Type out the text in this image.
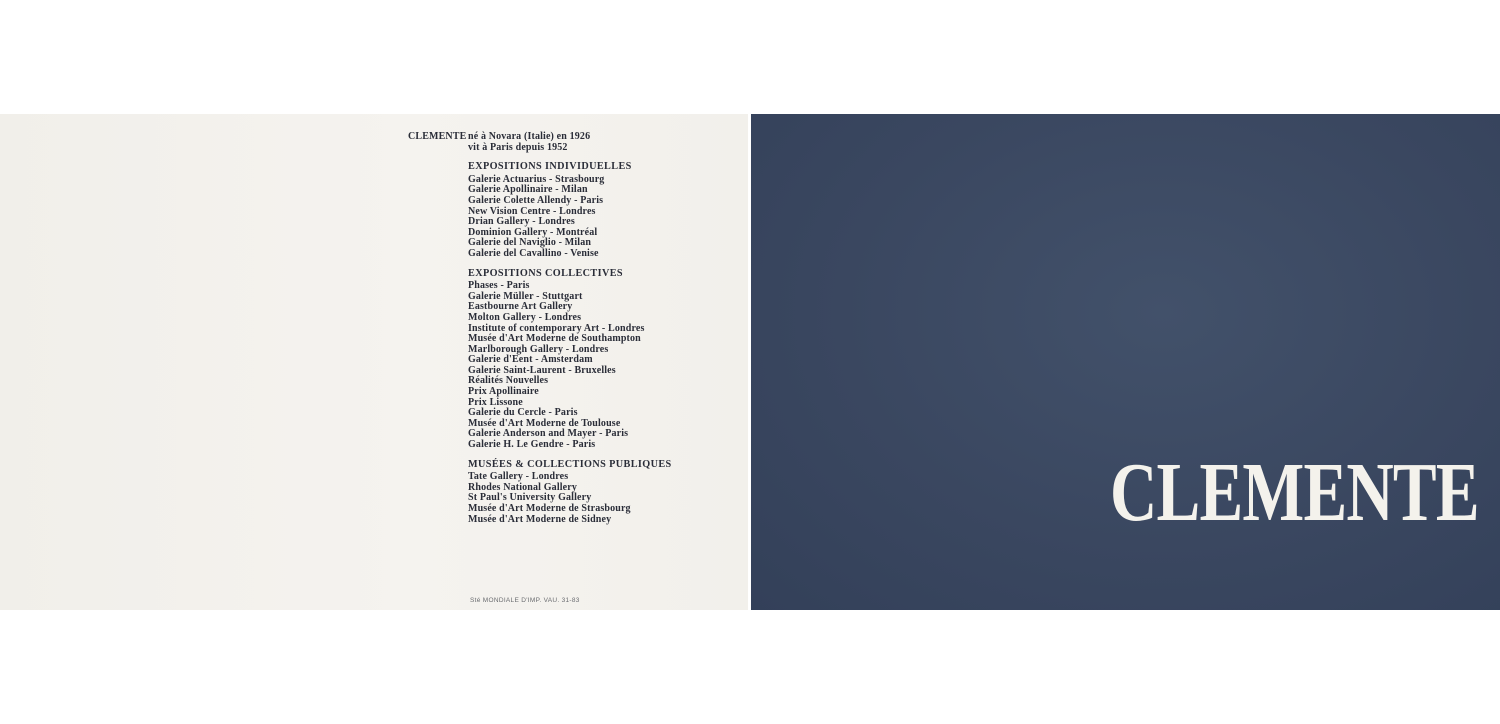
CLEMENTE né à Novara (Italie) en 1926
vit à Paris depuis 1952
EXPOSITIONS INDIVIDUELLES
Galerie Actuarius - Strasbourg
Galerie Apollinaire - Milan
Galerie Colette Allendy - Paris
New Vision Centre - Londres
Drian Gallery - Londres
Dominion Gallery - Montréal
Galerie del Naviglio - Milan
Galerie del Cavallino - Venise
EXPOSITIONS COLLECTIVES
Phases - Paris
Galerie Müller - Stuttgart
Eastbourne Art Gallery
Molton Gallery - Londres
Institute of contemporary Art - Londres
Musée d'Art Moderne de Southampton
Marlborough Gallery - Londres
Galerie d'Eent - Amsterdam
Galerie Saint-Laurent - Bruxelles
Réalités Nouvelles
Prix Apollinaire
Prix Lissone
Galerie du Cercle - Paris
Musée d'Art Moderne de Toulouse
Galerie Anderson and Mayer - Paris
Galerie H. Le Gendre - Paris
MUSÉES & COLLECTIONS PUBLIQUES
Tate Gallery - Londres
Rhodes National Gallery
St Paul's University Gallery
Musée d'Art Moderne de Strasbourg
Musée d'Art Moderne de Sidney
Sté MONDIALE D'IMP. VAU. 31-83
CLEMENTE
